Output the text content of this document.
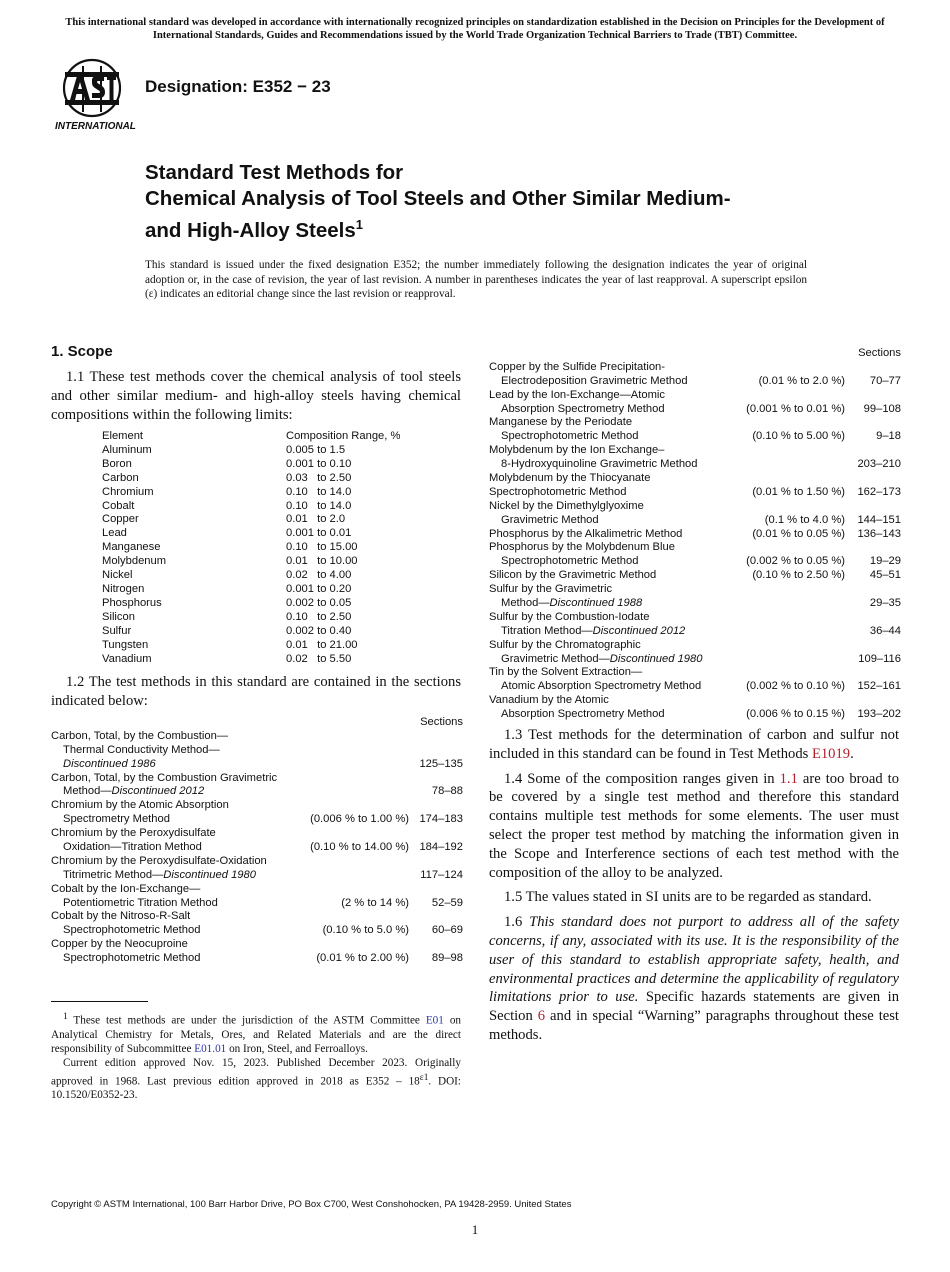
This international standard was developed in accordance with internationally recognized principles on standardization established in the Decision on Principles for the Development of International Standards, Guides and Recommendations issued by the World Trade Organization Technical Barriers to Trade (TBT) Committee.
INTERNATIONAL
Designation: E352 − 23
Standard Test Methods for
Chemical Analysis of Tool Steels and Other Similar Medium-
and High-Alloy Steels$^1$
This standard is issued under the fixed designation E352; the number immediately following the designation indicates the year of original adoption or, in the case of revision, the year of last revision. A number in parentheses indicates the year of last reapproval. A superscript epsilon (ε) indicates an editorial change since the last revision or reapproval.
1. Scope

1.1 These test methods cover the chemical analysis of tool steels and other similar medium- and high-alloy steels having chemical compositions within the following limits:

Element	Composition Range, %
Aluminum	0.005 to 1.5
Boron	0.001 to 0.10
Carbon	0.03   to 2.50
Chromium	0.10   to 14.0
Cobalt	0.10   to 14.0
Copper	0.01   to 2.0
Lead	0.001 to 0.01
Manganese	0.10   to 15.00
Molybdenum	0.01   to 10.00
Nickel	0.02   to 4.00
Nitrogen	0.001 to 0.20
Phosphorus	0.002 to 0.05
Silicon	0.10   to 2.50
Sulfur	0.002 to 0.40
Tungsten	0.01   to 21.00
Vanadium	0.02   to 5.50

1.2 The test methods in this standard are contained in the sections indicated below:

Sections
Carbon, Total, by the Combustion—
Thermal Conductivity Method—
Discontinued 1986	125–135
Carbon, Total, by the Combustion Gravimetric
Method—Discontinued 2012	78–88
Chromium by the Atomic Absorption
Spectrometry Method	(0.006 % to 1.00 %) 174–183
Chromium by the Peroxydisulfate
Oxidation—Titration Method	(0.10 % to 14.00 %) 184–192
Chromium by the Peroxydisulfate-Oxidation
Titrimetric Method—Discontinued 1980	117–124
Cobalt by the Ion-Exchange—
Potentiometric Titration Method	(2 % to 14 %) 52–59
Cobalt by the Nitroso-R-Salt
Spectrophotometric Method	(0.10 % to 5.0 %) 60–69
Copper by the Neocuproine
Spectrophotometric Method	(0.01 % to 2.00 %) 89–98

$^1$ These test methods are under the jurisdiction of the ASTM Committee E01 on Analytical Chemistry for Metals, Ores, and Related Materials and are the direct responsibility of Subcommittee E01.01 on Iron, Steel, and Ferroalloys.

Current edition approved Nov. 15, 2023. Published December 2023. Originally approved in 1968. Last previous edition approved in 2018 as $E352 - 18^{\varepsilon 1}$. DOI: 10.1520/E0352-23.

Sections
Copper by the Sulfide Precipitation-
Electrodeposition Gravimetric Method	(0.01 % to 2.0 %) 70–77
Lead by the Ion-Exchange—Atomic
Absorption Spectrometry Method	(0.001 % to 0.01 %) 99–108
Manganese by the Periodate
Spectrophotometric Method	(0.10 % to 5.00 %)	9–18
Molybdenum by the Ion Exchange–
8-Hydroxyquinoline Gravimetric Method	203–210
Molybdenum by the Thiocyanate
Spectrophotometric Method	(0.01 % to 1.50 %) 162–173
Nickel by the Dimethylglyoxime
Gravimetric Method	(0.1 % to 4.0 %) 144–151
Phosphorus by the Alkalimetric Method	(0.01 % to 0.05 %) 136–143
Phosphorus by the Molybdenum Blue
Spectrophotometric Method	(0.002 % to 0.05 %) 19–29
Silicon by the Gravimetric Method	(0.10 % to 2.50 %) 45–51
Sulfur by the Gravimetric
Method—Discontinued 1988	29–35
Sulfur by the Combustion-Iodate
Titration Method—Discontinued 2012	36–44
Sulfur by the Chromatographic
Gravimetric Method—Discontinued 1980	109–116
Tin by the Solvent Extraction—
Atomic Absorption Spectrometry Method	(0.002 % to 0.10 %) 152–161
Vanadium by the Atomic
Absorption Spectrometry Method	(0.006 % to 0.15 %) 193–202

1.3 Test methods for the determination of carbon and sulfur not included in this standard can be found in Test Methods E1019.

1.4 Some of the composition ranges given in 1.1 are too broad to be covered by a single test method and therefore this standard contains multiple test methods for some elements. The user must select the proper test method by matching the information given in the Scope and Interference sections of each test method with the composition of the alloy to be analyzed.

1.5 The values stated in SI units are to be regarded as standard.

1.6 This standard does not purport to address all of the safety concerns, if any, associated with its use. It is the responsibility of the user of this standard to establish appropriate safety, health, and environmental practices and determine the applicability of regulatory limitations prior to use. Specific hazards statements are given in Section 6 and in special “Warning” paragraphs throughout these test methods.

Copyright © ASTM International, 100 Barr Harbor Drive, PO Box C700, West Conshohocken, PA 19428-2959. United States
1
